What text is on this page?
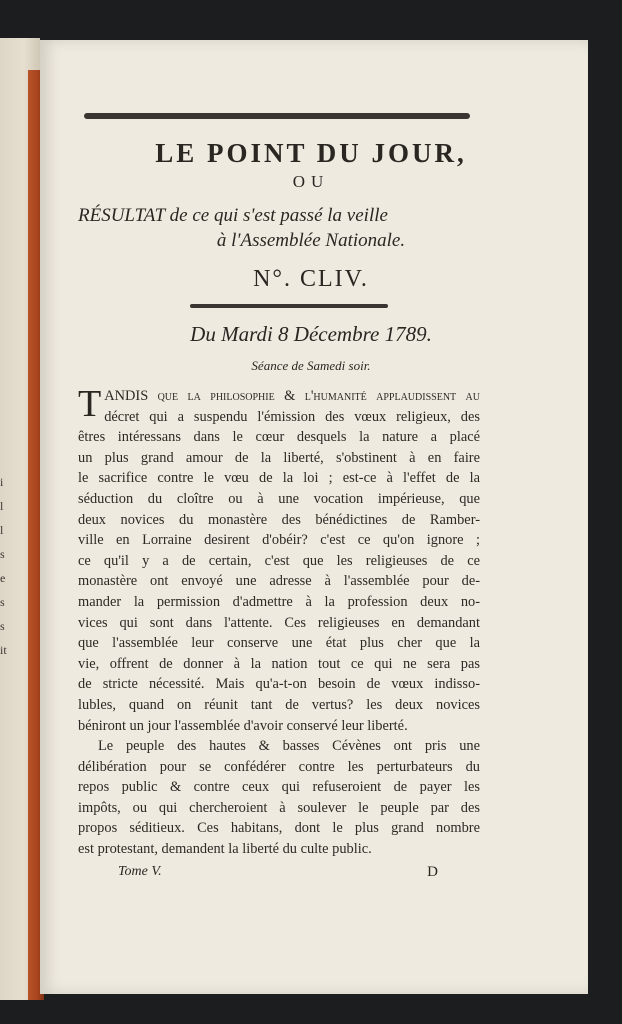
i
l
l
s
e
s
s
it
LE POINT DU JOUR,
OU
RÉSULTAT de ce qui s'est passé la veille
à l'Assemblée Nationale.
N°. CLIV.
Du Mardi 8 Décembre 1789.
Séance de Samedi soir.
TANDIS que la philosophie & l'humanité applaudissent au
décret qui a suspendu l'émission des vœux religieux, des
êtres intéressans dans le cœur desquels la nature a placé
un plus grand amour de la liberté, s'obstinent à en faire
le sacrifice contre le vœu de la loi ; est-ce à l'effet de la
séduction du cloître ou à une vocation impérieuse, que
deux novices du monastère des bénédictines de Ramber-
ville en Lorraine desirent d'obéir? c'est ce qu'on ignore ;
ce qu'il y a de certain, c'est que les religieuses de ce
monastère ont envoyé une adresse à l'assemblée pour de-
mander la permission d'admettre à la profession deux no-
vices qui sont dans l'attente. Ces religieuses en demandant
que l'assemblée leur conserve une état plus cher que la
vie, offrent de donner à la nation tout ce qui ne sera pas
de stricte nécessité. Mais qu'a-t-on besoin de vœux indisso-
lubles, quand on réunit tant de vertus? les deux novices
béniront un jour l'assemblée d'avoir conservé leur liberté.
Le peuple des hautes & basses Cévènes ont pris une
délibération pour se confédérer contre les perturbateurs du
repos public & contre ceux qui refuseroient de payer les
impôts, ou qui chercheroient à soulever le peuple par des
propos séditieux. Ces habitans, dont le plus grand nombre
est protestant, demandent la liberté du culte public.
Tome V.	D
